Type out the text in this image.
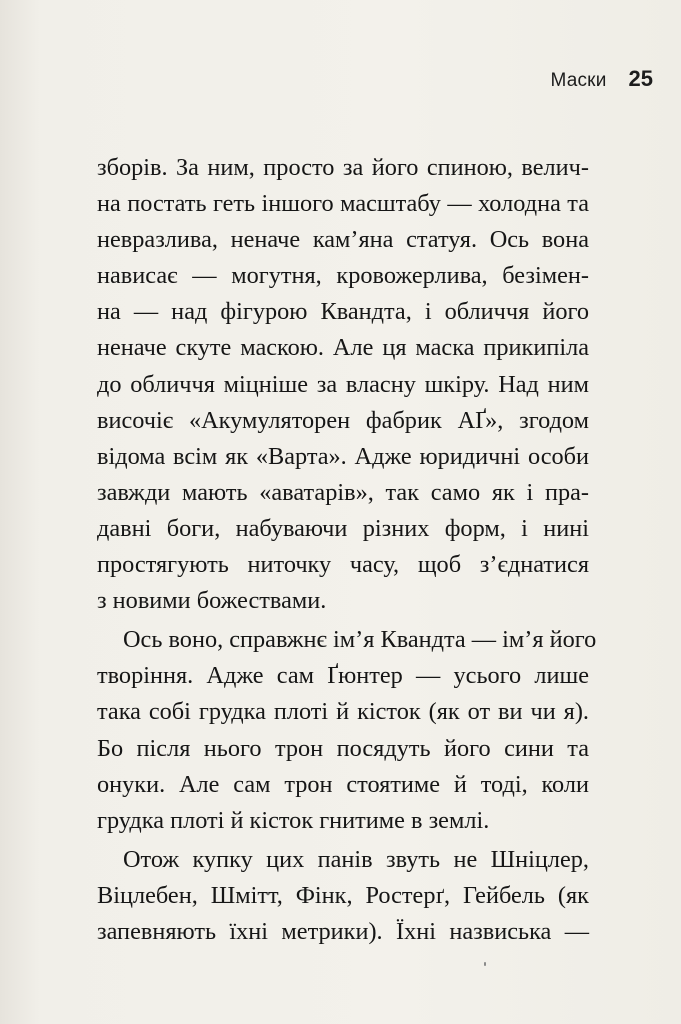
Маски 25
зборів. За ним, просто за його спиною, велич-
на постать геть іншого масштабу — холодна та
невразлива, неначе кам’яна статуя. Ось вона
нависає — могутня, кровожерлива, безімен-
на — над фігурою Квандта, і обличчя його
неначе скуте маскою. Але ця маска прикипіла
до обличчя міцніше за власну шкіру. Над ним
височіє «Акумуляторен фабрик АҐ», згодом
відома всім як «Варта». Адже юридичні особи
завжди мають «аватарів», так само як і пра-
давні боги, набуваючи різних форм, і нині
простягують ниточку часу, щоб з’єднатися
з новими божествами.
Ось воно, справжнє ім’я Квандта — ім’я його
творіння. Адже сам Ґюнтер — усього лише
така собі грудка плоті й кісток (як от ви чи я).
Бо після нього трон посядуть його сини та
онуки. Але сам трон стоятиме й тоді, коли
грудка плоті й кісток гнитиме в землі.
Отож купку цих панів звуть не Шніцлер,
Віцлебен, Шмітт, Фінк, Ростерґ, Гейбель (як
запевняють їхні метрики). Їхні назвиська —
